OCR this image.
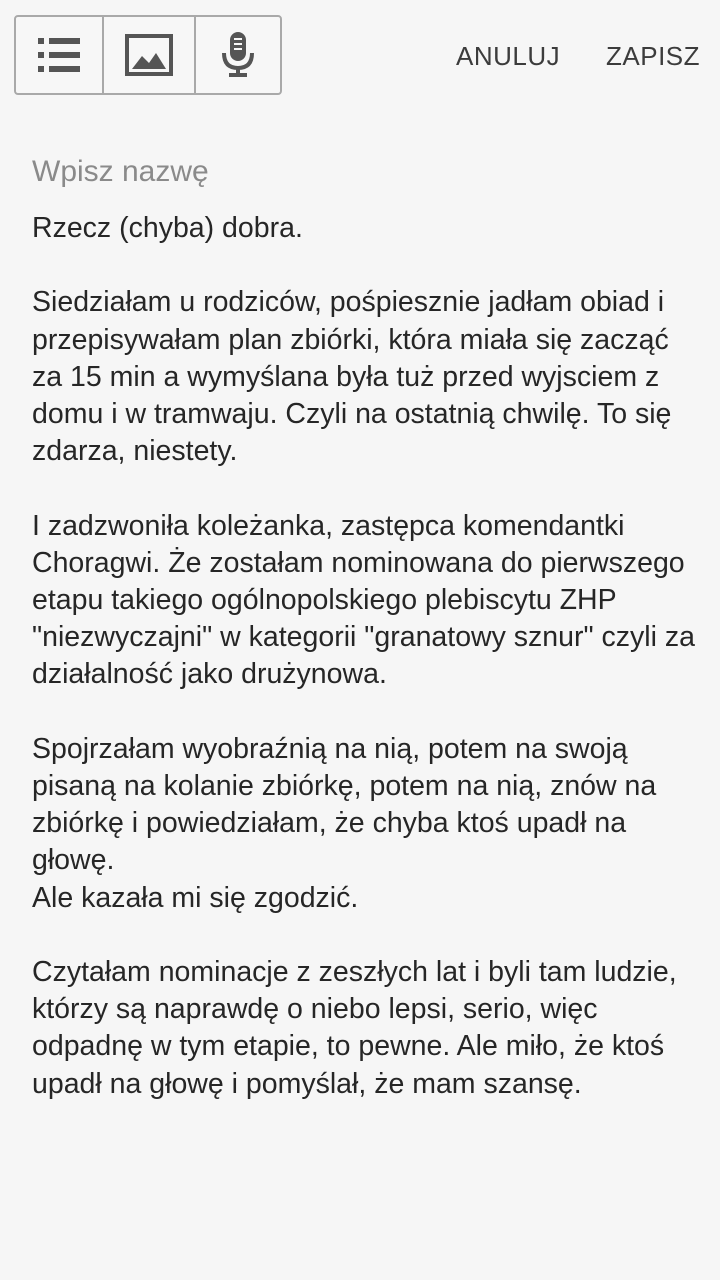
ANULUJ ZAPISZ
Wpisz nazwę

Rzecz (chyba) dobra.

Siedziałam u rodziców, pośpiesznie jadłam obiad i przepisywałam plan zbiórki, która miała się zacząć za 15 min a wymyślana była tuż przed wyjsciem z domu i w tramwaju. Czyli na ostatnią chwilę. To się zdarza, niestety.

I zadzwoniła koleżanka, zastępca komendantki Choragwi. Że zostałam nominowana do pierwszego etapu takiego ogólnopolskiego plebiscytu ZHP "niezwyczajni" w kategorii "granatowy sznur" czyli za działalność jako drużynowa.

Spojrzałam wyobraźnią na nią, potem na swoją pisaną na kolanie zbiórkę, potem na nią, znów na zbiórkę i powiedziałam, że chyba ktoś upadł na głowę.
Ale kazała mi się zgodzić.

Czytałam nominacje z zeszłych lat i byli tam ludzie, którzy są naprawdę o niebo lepsi, serio, więc odpadnę w tym etapie, to pewne. Ale miło, że ktoś upadł na głowę i pomyślał, że mam szansę.
